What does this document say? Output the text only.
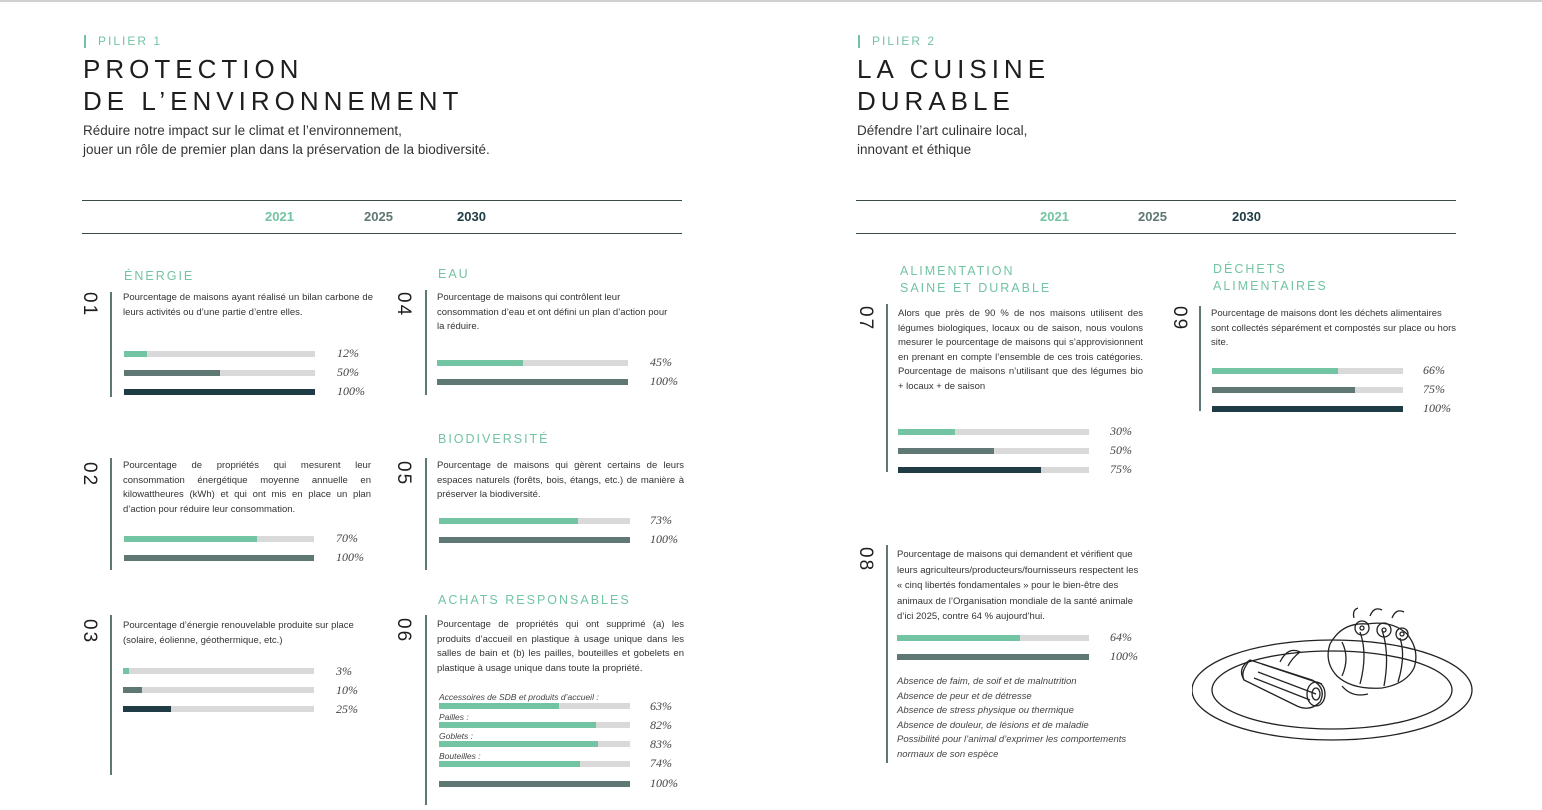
PILIER 1
PROTECTION
DE L’ENVIRONNEMENT
Réduire notre impact sur le climat et l’environnement,
jouer un rôle de premier plan dans la préservation de la biodiversité.
2021	2025	2030
PILIER 2
LA CUISINE
DURABLE
Défendre l’art culinaire local,
innovant et éthique
2021	2025	2030
ÉNERGIE
01 Pourcentage de maisons ayant réalisé un bilan carbone de leurs activités ou d’une partie d’entre elles.
12%
50%
100%
02 Pourcentage de propriétés qui mesurent leur consommation énergétique moyenne annuelle en kilowattheures (kWh) et qui ont mis en place un plan d’action pour réduire leur consommation.
70%
100%
03 Pourcentage d’énergie renouvelable produite sur place (solaire, éolienne, géothermique, etc.)
3%
10%
25%
EAU
04 Pourcentage de maisons qui contrôlent leur consommation d’eau et ont défini un plan d’action pour la réduire.
45%
100%
BIODIVERSITÉ
05 Pourcentage de maisons qui gèrent certains de leurs espaces naturels (forêts, bois, étangs, etc.) de manière à préserver la biodiversité.
73%
100%
ACHATS RESPONSABLES
06 Pourcentage de propriétés qui ont supprimé (a) les produits d’accueil en plastique à usage unique dans les salles de bain et (b) les pailles, bouteilles et gobelets en plastique à usage unique dans toute la propriété.
Accessoires de SDB et produits d’accueil :
63%
Pailles :
82%
Goblets :
83%
Bouteilles :	74%
100%
ALIMENTATION
SAINE ET DURABLE
07 Alors que près de 90 % de nos maisons utilisent des légumes biologiques, locaux ou de saison, nous voulons mesurer le pourcentage de maisons qui s’approvisionnent en prenant en compte l’ensemble de ces trois catégories. Pourcentage de maisons n’utilisant que des légumes bio + locaux + de saison
30%
50%
75%
08 Pourcentage de maisons qui demandent et vérifient que leurs agriculteurs/producteurs/fournisseurs respectent les « cinq libertés fondamentales » pour le bien-être des animaux de l’Organisation mondiale de la santé animale d’ici 2025, contre 64 % aujourd’hui.
64%
100%
Absence de faim, de soif et de malnutrition
Absence de peur et de détresse
Absence de stress physique ou thermique
Absence de douleur, de lésions et de maladie
Possibilité pour l’animal d’exprimer les comportements
normaux de son espèce
DÉCHETS
ALIMENTAIRES
09 Pourcentage de maisons dont les déchets alimentaires sont collectés séparément et compostés sur place ou hors site.
66%
75%
100%
